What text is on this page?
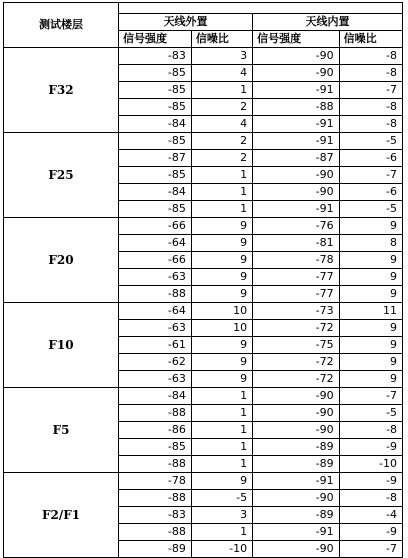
测试楼层				
	天线外置		天线内置	
	信号强度	信噪比	信号强度	信噪比
F32	-83	3	-90	-8
	-85	4	-90	-8
	-85	1	-91	-7
	-85	2	-88	-8
	-84	4	-91	-8
F25	-85	2	-91	-5
	-87	2	-87	-6
	-85	1	-90	-7
	-84	1	-90	-6
	-85	1	-91	-5
F20	-66	9	-76	9
	-64	9	-81	8
	-66	9	-78	9
	-63	9	-77	9
	-88	9	-77	9
F10	-64	10	-73	11
	-63	10	-72	9
	-61	9	-75	9
	-62	9	-72	9
	-63	9	-72	9
F5	-84	1	-90	-7
	-88	1	-90	-5
	-86	1	-90	-8
	-85	1	-89	-9
	-88	1	-89	-10
F2/F1	-78	9	-91	-9
	-88	-5	-90	-8
	-83	3	-89	-4
	-88	1	-91	-9
	-89	-10	-90	-7
